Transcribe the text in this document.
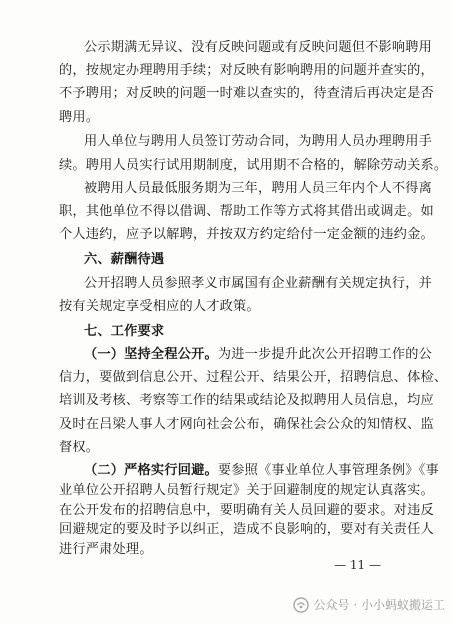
公示期满无异议、没有反映问题或有反映问题但不影响聘用
的，按规定办理聘用手续；对反映有影响聘用的问题并查实的，
不予聘用；对反映的问题一时难以查实的，待查清后再决定是否
聘用。
用人单位与聘用人员签订劳动合同，为聘用人员办理聘用手
续。聘用人员实行试用期制度，试用期不合格的，解除劳动关系。
被聘用人员最低服务期为三年，聘用人员三年内个人不得离
职，其他单位不得以借调、帮助工作等方式将其借出或调走。如
个人违约，应予以解聘，并按双方约定给付一定金额的违约金。
六、薪酬待遇
公开招聘人员参照孝义市属国有企业薪酬有关规定执行，并
按有关规定享受相应的人才政策。
七、工作要求
（一）坚持全程公开。为进一步提升此次公开招聘工作的公
信力，要做到信息公开、过程公开、结果公开，招聘信息、体检、
培训及考核、考察等工作的结果或结论及拟聘用人员信息，均应
及时在吕梁人事人才网向社会公布，确保社会公众的知情权、监
督权。
— 11 —
公众号 · 小小蚂蚁搬运工
（二）严格实行回避。要参照《事业单位人事管理条例》《事
业单位公开招聘人员暂行规定》关于回避制度的规定认真落实。
在公开发布的招聘信息中，要明确有关人员回避的要求。对违反
回避规定的要及时予以纠正，造成不良影响的，要对有关责任人
进行严肃处理。
